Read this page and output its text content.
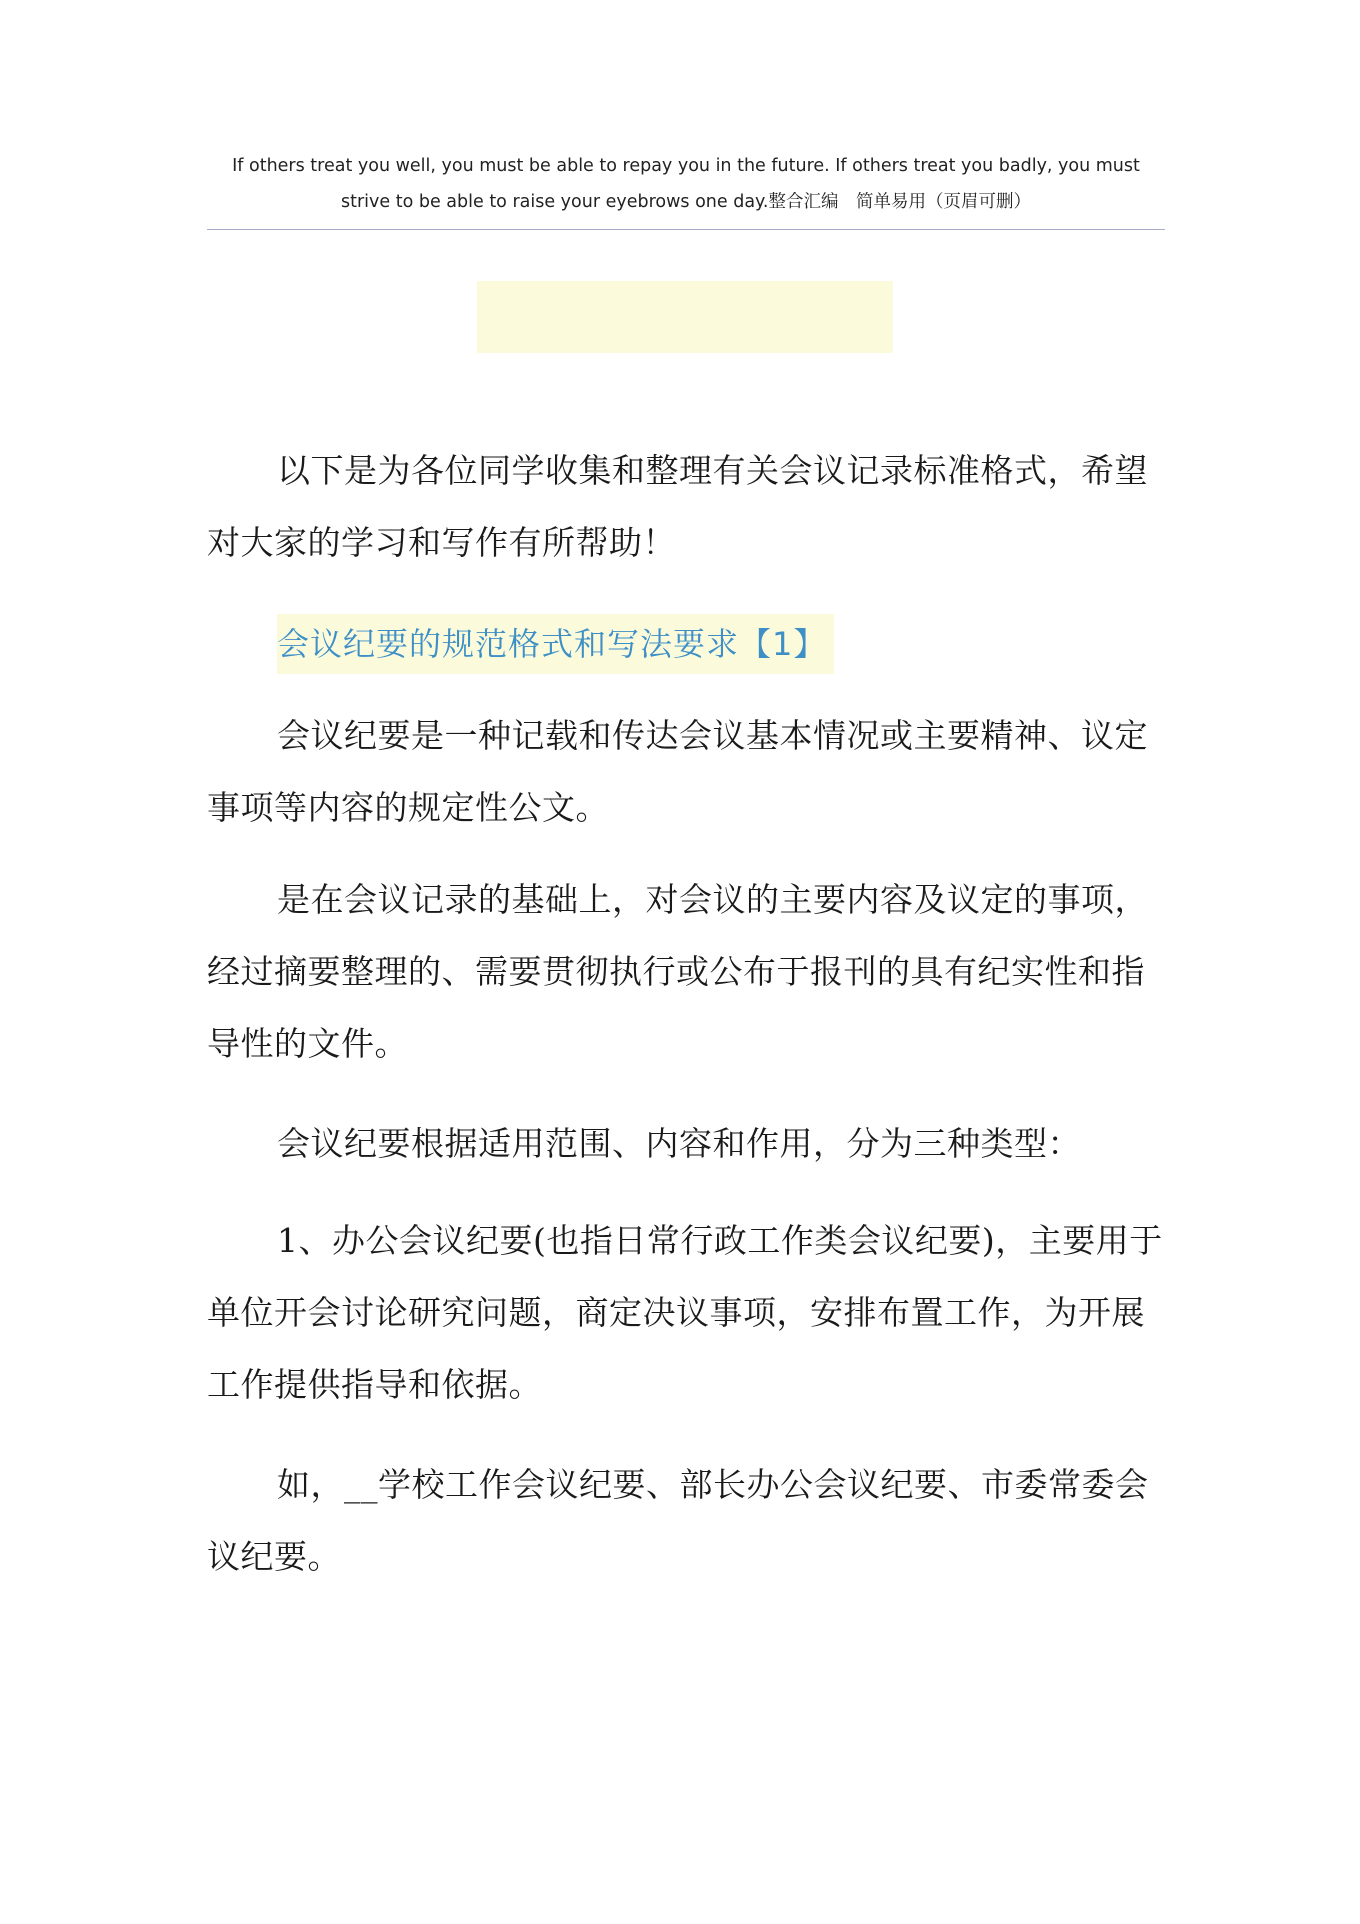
If others treat you well, you must be able to repay you in the future. If others treat you badly, you must strive to be able to raise your eyebrows one day.整合汇编　简单易用（页眉可删）
以下是为各位同学收集和整理有关会议记录标准格式，希望对大家的学习和写作有所帮助！
会议纪要的规范格式和写法要求【1】
会议纪要是一种记载和传达会议基本情况或主要精神、议定事项等内容的规定性公文。
是在会议记录的基础上，对会议的主要内容及议定的事项，经过摘要整理的、需要贯彻执行或公布于报刊的具有纪实性和指导性的文件。
会议纪要根据适用范围、内容和作用，分为三种类型：
1、办公会议纪要(也指日常行政工作类会议纪要)，主要用于单位开会讨论研究问题，商定决议事项，安排布置工作，为开展工作提供指导和依据。
如，__学校工作会议纪要、部长办公会议纪要、市委常委会议纪要。
